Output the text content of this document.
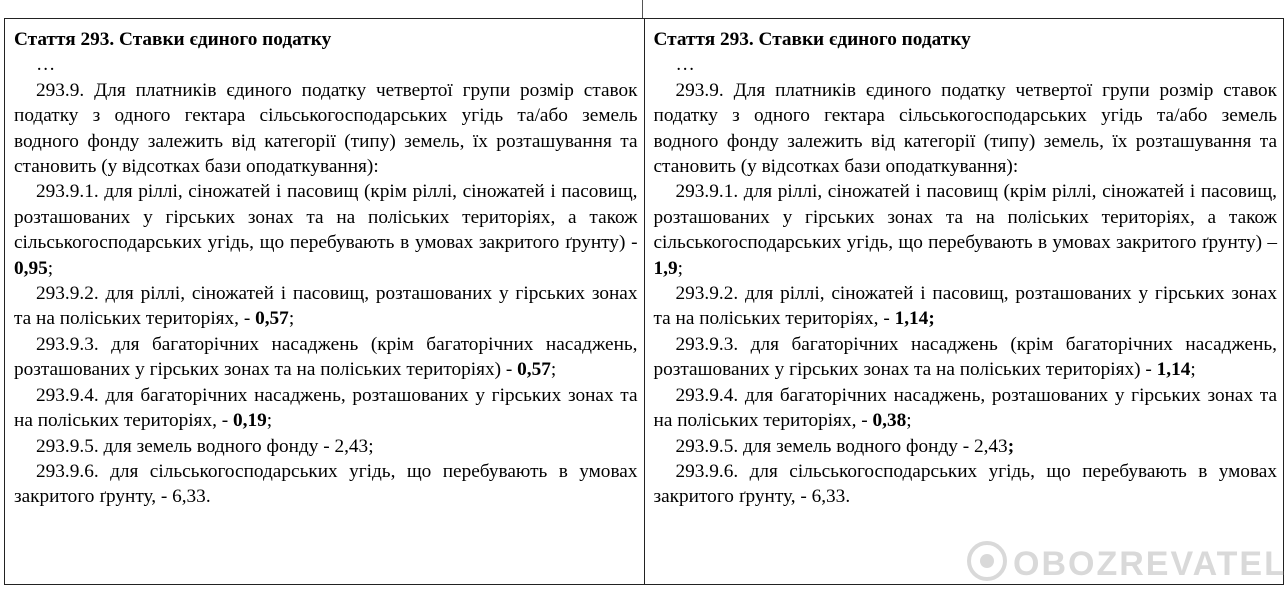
Стаття 293. Ставки єдиного податку

…

293.9. Для платників єдиного податку четвертої групи розмір ставок податку з одного гектара сільськогосподарських угідь та/або земель водного фонду залежить від категорії (типу) земель, їх розташування та становить (у відсотках бази оподаткування):

293.9.1. для ріллі, сіножатей і пасовищ (крім ріллі, сіножатей і пасовищ, розташованих у гірських зонах та на поліських територіях, а також сільськогосподарських угідь, що перебувають в умовах закритого ґрунту) - 0,95;

293.9.2. для ріллі, сіножатей і пасовищ, розташованих у гірських зонах та на поліських територіях, - 0,57;

293.9.3. для багаторічних насаджень (крім багаторічних насаджень, розташованих у гірських зонах та на поліських територіях) - 0,57;

293.9.4. для багаторічних насаджень, розташованих у гірських зонах та на поліських територіях, - 0,19;

293.9.5. для земель водного фонду - 2,43;

293.9.6. для сільськогосподарських угідь, що перебувають в умовах закритого ґрунту, - 6,33.

Стаття 293. Ставки єдиного податку

…

293.9. Для платників єдиного податку четвертої групи розмір ставок податку з одного гектара сільськогосподарських угідь та/або земель водного фонду залежить від категорії (типу) земель, їх розташування та становить (у відсотках бази оподаткування):

293.9.1. для ріллі, сіножатей і пасовищ (крім ріллі, сіножатей і пасовищ, розташованих у гірських зонах та на поліських територіях, а також сільськогосподарських угідь, що перебувають в умовах закритого ґрунту) – 1,9;

293.9.2. для ріллі, сіножатей і пасовищ, розташованих у гірських зонах та на поліських територіях, - 1,14;

293.9.3. для багаторічних насаджень (крім багаторічних насаджень, розташованих у гірських зонах та на поліських територіях) - 1,14;

293.9.4. для багаторічних насаджень, розташованих у гірських зонах та на поліських територіях, - 0,38;

293.9.5. для земель водного фонду - 2,43;

293.9.6. для сільськогосподарських угідь, що перебувають в умовах закритого ґрунту, - 6,33.

OBOZREVATEL
